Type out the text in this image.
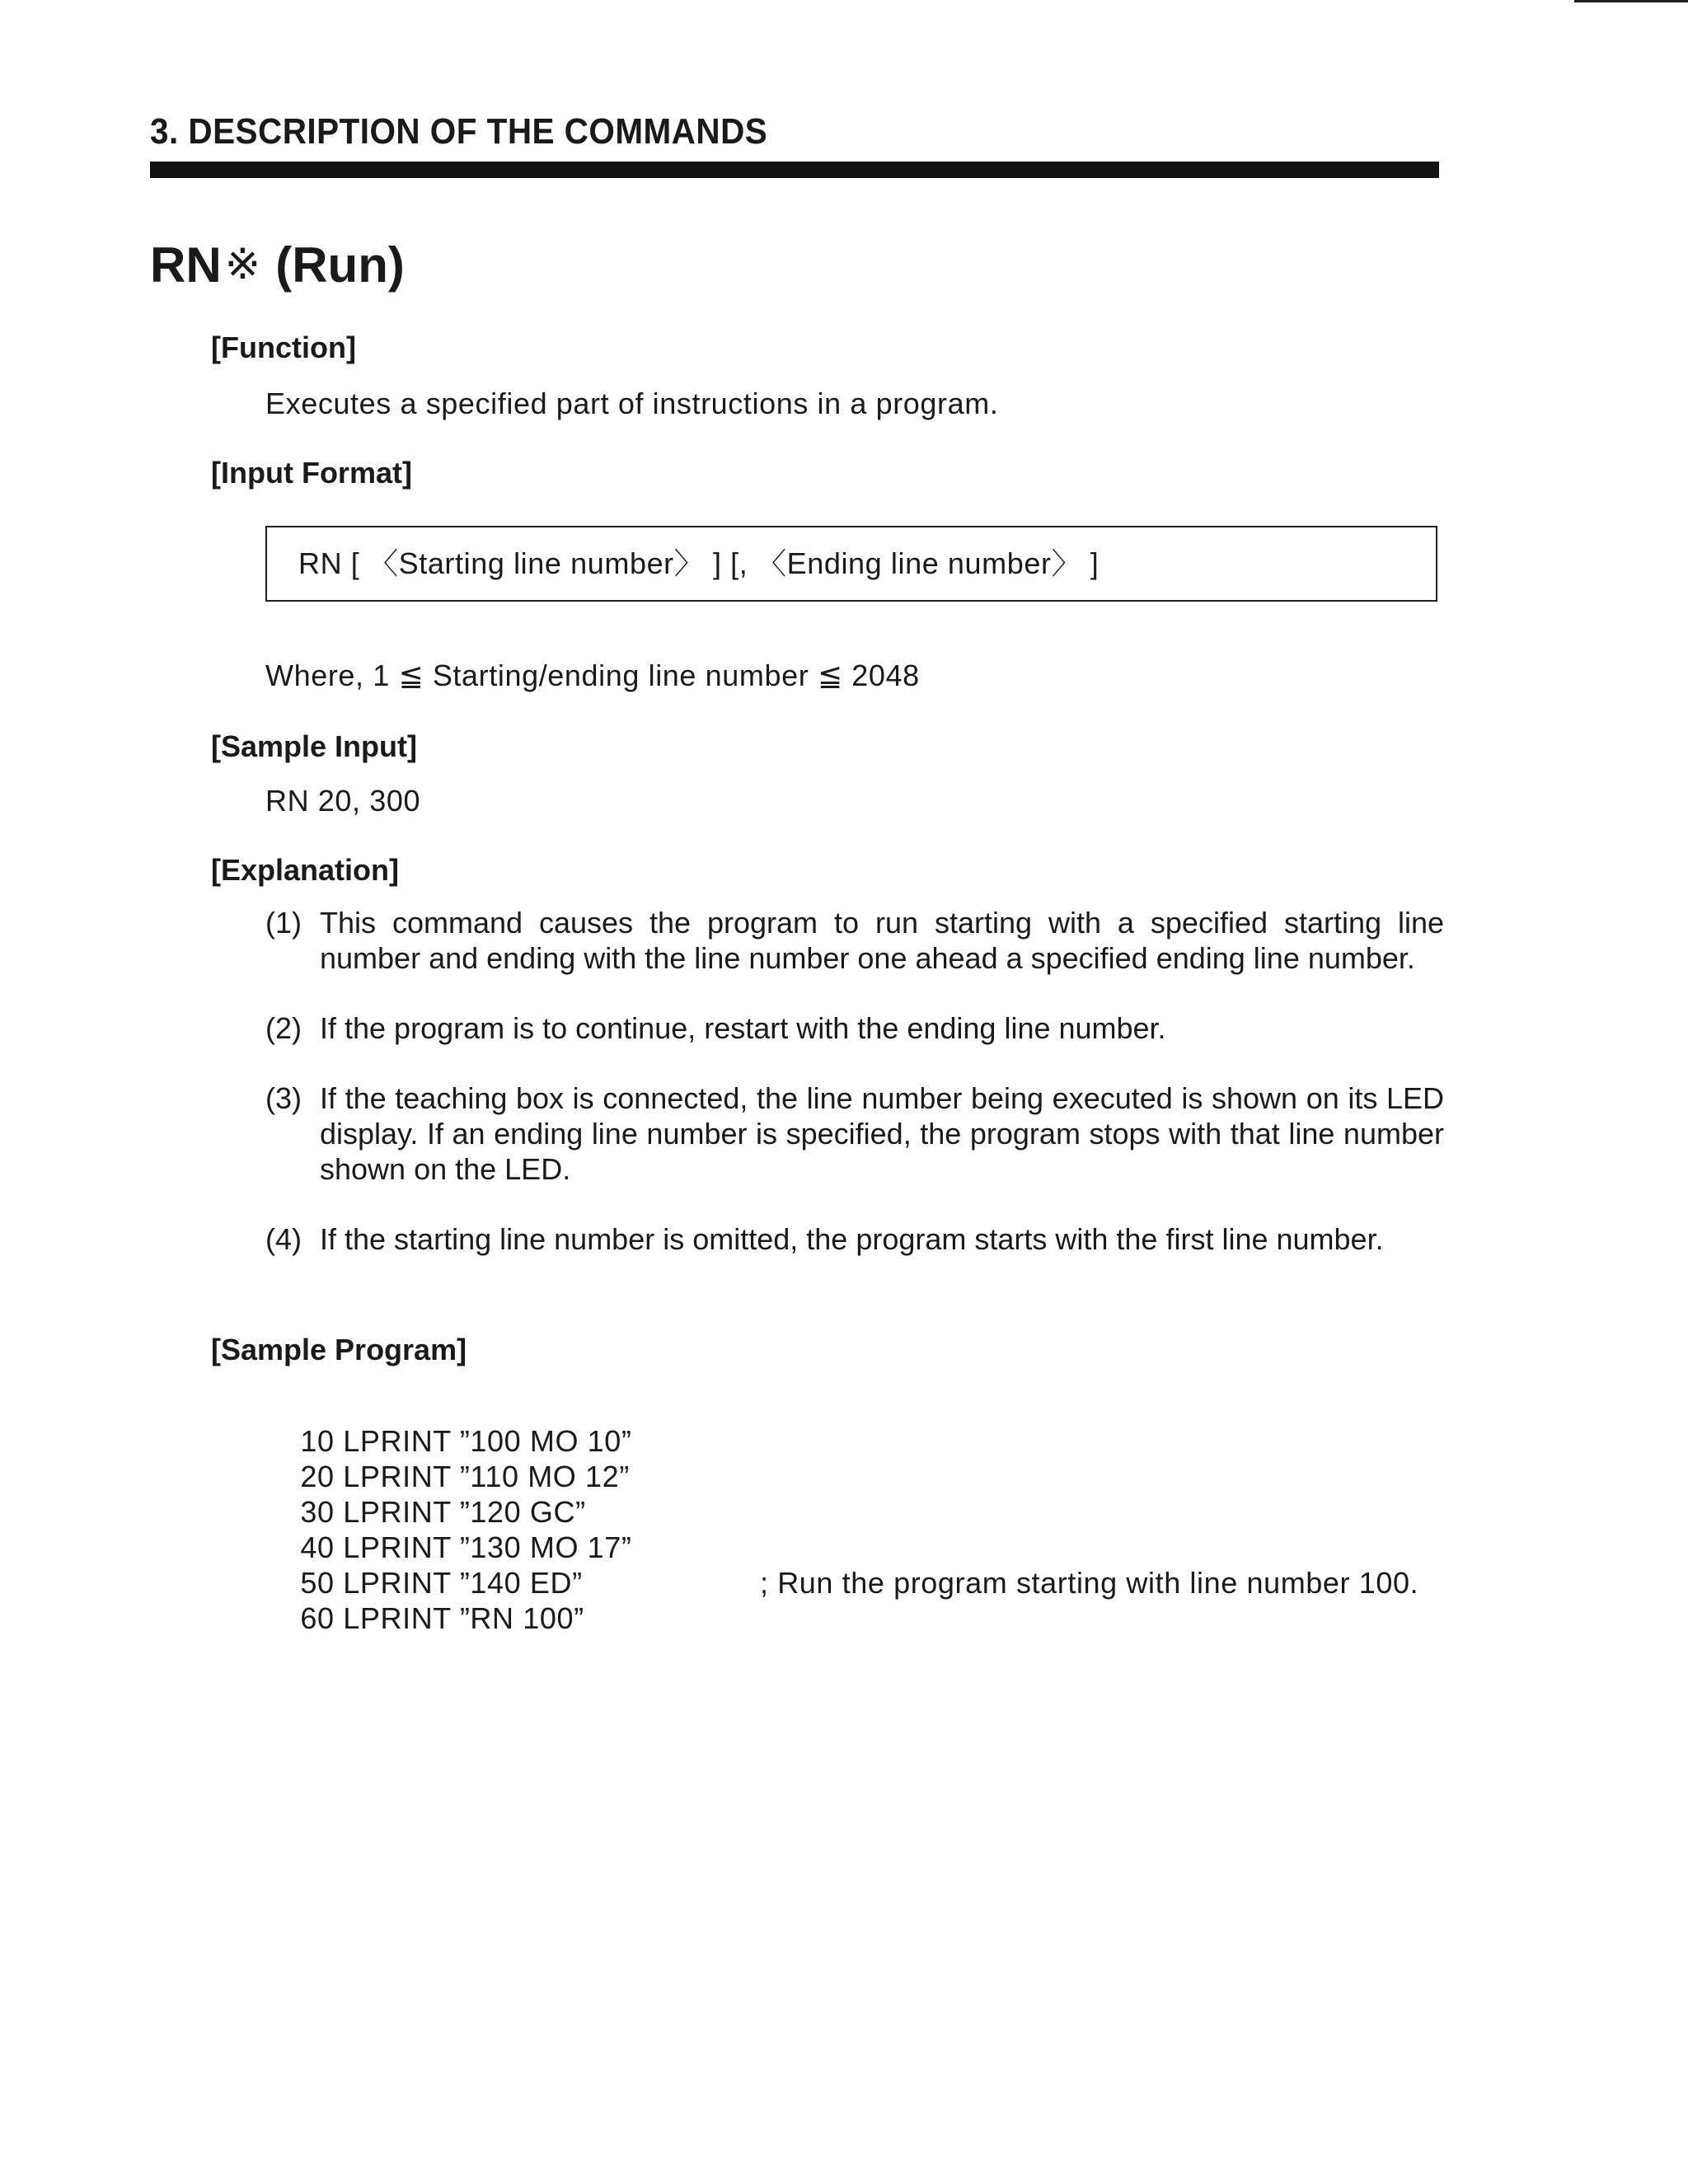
3. DESCRIPTION OF THE COMMANDS
RN※ (Run)
[Function]
Executes a specified part of instructions in a program.
[Input Format]
RN [ 〈Starting line number〉 ] [, 〈Ending line number〉 ]
Where, 1 ≦ Starting/ending line number ≦ 2048
[Sample Input]
RN 20, 300
[Explanation]
(1) This command causes the program to run starting with a specified starting line number and ending with the line number one ahead a specified ending line number.
(2) If the program is to continue, restart with the ending line number.
(3) If the teaching box is connected, the line number being executed is shown on its LED display. If an ending line number is specified, the program stops with that line number shown on the LED.
(4) If the starting line number is omitted, the program starts with the first line number.
[Sample Program]

10 LPRINT ”100 MO 10”

20 LPRINT ”110 MO 12”

30 LPRINT ”120 GC”

40 LPRINT ”130 MO 17”

50 LPRINT ”140 ED”

60 LPRINT ”RN 100”

; Run the program starting with line number 100.
